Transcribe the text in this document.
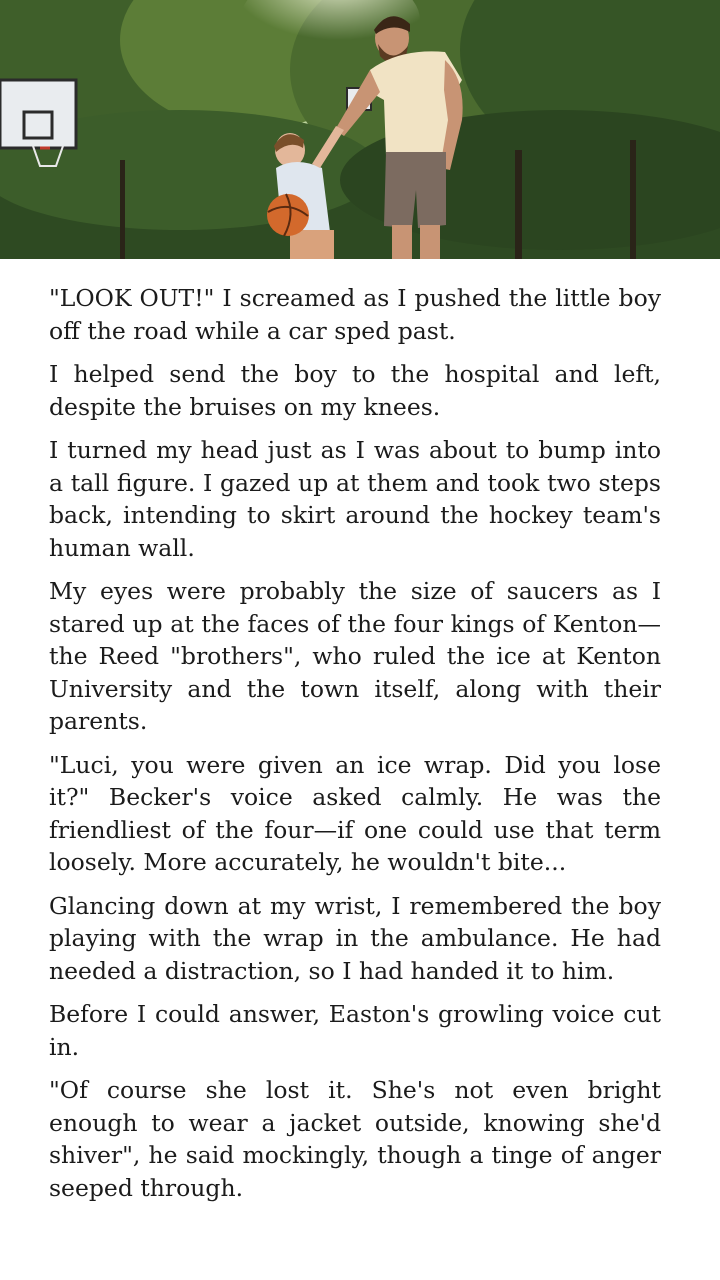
"LOOK OUT!" I screamed as I pushed the little boy off the road while a car sped past.

I helped send the boy to the hospital and left, despite the bruises on my knees.

I turned my head just as I was about to bump into a tall figure. I gazed up at them and took two steps back, intending to skirt around the hockey team's human wall.

My eyes were probably the size of saucers as I stared up at the faces of the four kings of Kenton—the Reed "brothers", who ruled the ice at Kenton University and the town itself, along with their parents.

"Luci, you were given an ice wrap. Did you lose it?" Becker's voice asked calmly. He was the friendliest of the four—if one could use that term loosely. More accurately, he wouldn't bite...

Glancing down at my wrist, I remembered the boy playing with the wrap in the ambulance. He had needed a distraction, so I had handed it to him.

Before I could answer, Easton's growling voice cut in.

"Of course she lost it. She's not even bright enough to wear a jacket outside, knowing she'd shiver", he said mockingly, though a tinge of anger seeped through.
